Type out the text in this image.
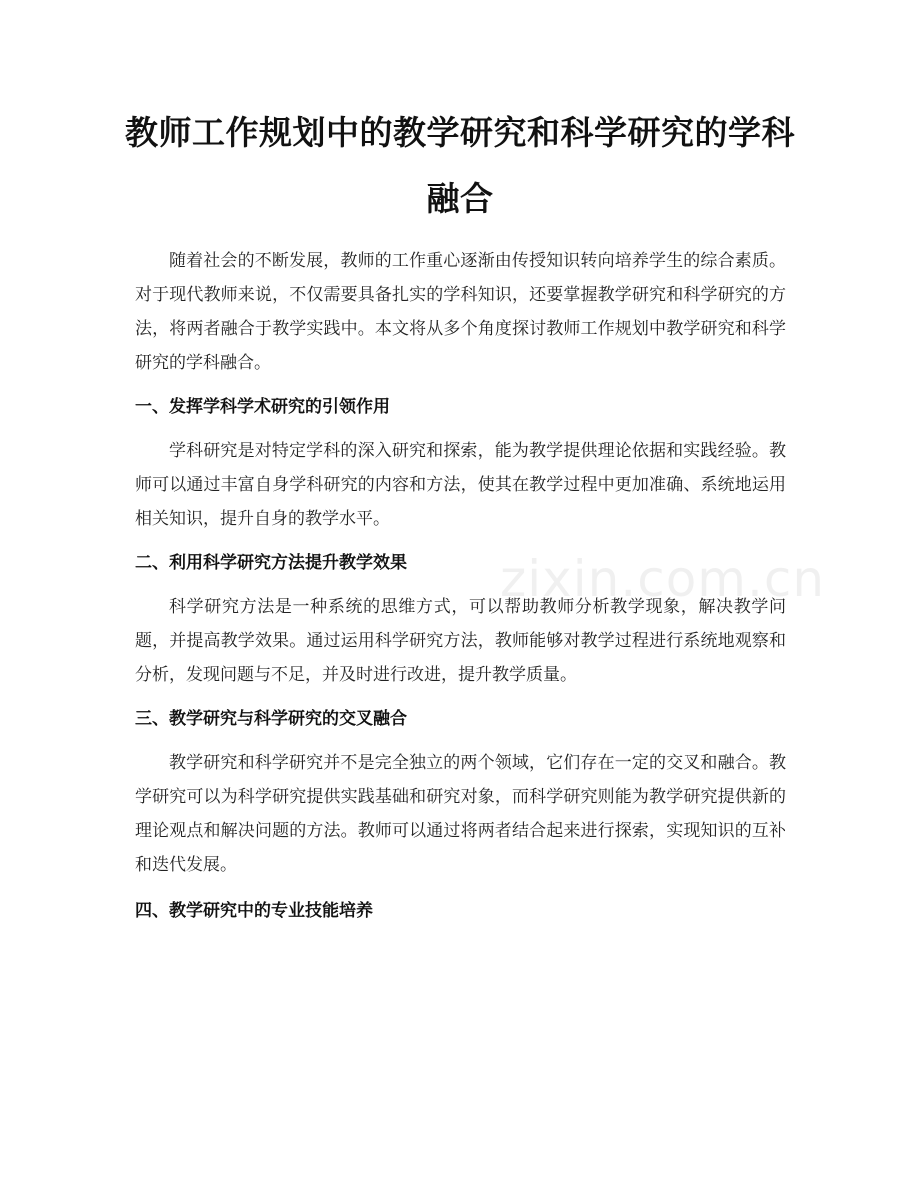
教师工作规划中的教学研究和科学研究的学科融合

随着社会的不断发展，教师的工作重心逐渐由传授知识转向培养学生的综合素质。对于现代教师来说，不仅需要具备扎实的学科知识，还要掌握教学研究和科学研究的方法，将两者融合于教学实践中。本文将从多个角度探讨教师工作规划中教学研究和科学研究的学科融合。

一、发挥学科学术研究的引领作用

学科研究是对特定学科的深入研究和探索，能为教学提供理论依据和实践经验。教师可以通过丰富自身学科研究的内容和方法，使其在教学过程中更加准确、系统地运用相关知识，提升自身的教学水平。

二、利用科学研究方法提升教学效果

科学研究方法是一种系统的思维方式，可以帮助教师分析教学现象，解决教学问题，并提高教学效果。通过运用科学研究方法，教师能够对教学过程进行系统地观察和分析，发现问题与不足，并及时进行改进，提升教学质量。

三、教学研究与科学研究的交叉融合

教学研究和科学研究并不是完全独立的两个领域，它们存在一定的交叉和融合。教学研究可以为科学研究提供实践基础和研究对象，而科学研究则能为教学研究提供新的理论观点和解决问题的方法。教师可以通过将两者结合起来进行探索，实现知识的互补和迭代发展。

四、教学研究中的专业技能培养
zixin.com.cn
